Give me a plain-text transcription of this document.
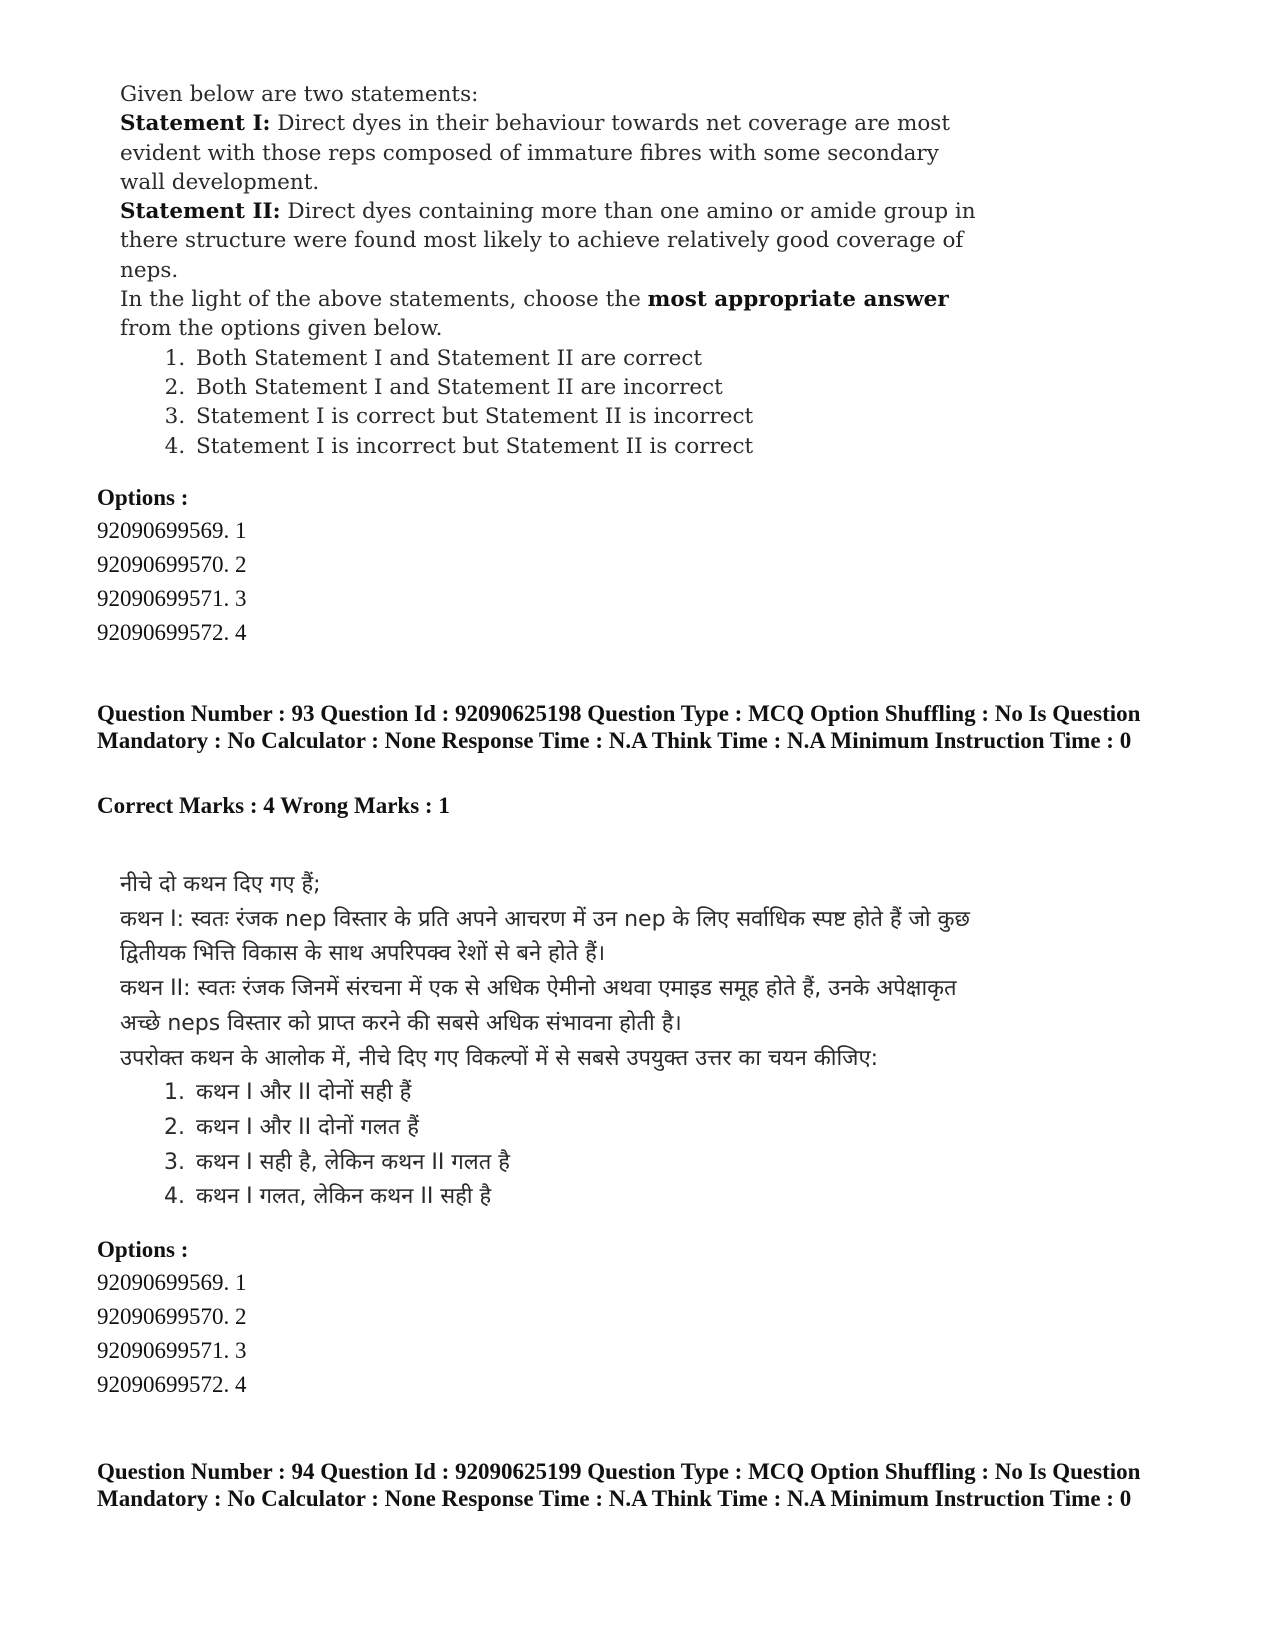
Given below are two statements:

Statement I: Direct dyes in their behaviour towards net coverage are most evident with those reps composed of immature fibres with some secondary wall development.

Statement II: Direct dyes containing more than one amino or amide group in there structure were found most likely to achieve relatively good coverage of neps.

In the light of the above statements, choose the most appropriate answer from the options given below.

1. Both Statement I and Statement II are correct
2. Both Statement I and Statement II are incorrect
3. Statement I is correct but Statement II is incorrect
4. Statement I is incorrect but Statement II is correct
Options :
92090699569. 1
92090699570. 2
92090699571. 3
92090699572. 4
Question Number : 93 Question Id : 92090625198 Question Type : MCQ Option Shuffling : No Is Question Mandatory : No Calculator : None Response Time : N.A Think Time : N.A Minimum Instruction Time : 0
Correct Marks : 4 Wrong Marks : 1

नीचे दो कथन दिए गए हैं;

कथन I: स्वतः रंजक nep विस्तार के प्रति अपने आचरण में उन nep के लिए सर्वाधिक स्पष्ट होते हैं जो कुछ द्वितीयक भित्ति विकास के साथ अपरिपक्व रेशों से बने होते हैं।

कथन II: स्वतः रंजक जिनमें संरचना में एक से अधिक ऐमीनो अथवा एमाइड समूह होते हैं, उनके अपेक्षाकृत अच्छे neps विस्तार को प्राप्त करने की सबसे अधिक संभावना होती है।

उपरोक्त कथन के आलोक में, नीचे दिए गए विकल्पों में से सबसे उपयुक्त उत्तर का चयन कीजिए:

1. कथन I और II दोनों सही हैं
2. कथन I और II दोनों गलत हैं
3. कथन I सही है, लेकिन कथन II गलत है
4. कथन I गलत, लेकिन कथन II सही है
Options :
92090699569. 1
92090699570. 2
92090699571. 3
92090699572. 4
Question Number : 94 Question Id : 92090625199 Question Type : MCQ Option Shuffling : No Is Question Mandatory : No Calculator : None Response Time : N.A Think Time : N.A Minimum Instruction Time : 0
